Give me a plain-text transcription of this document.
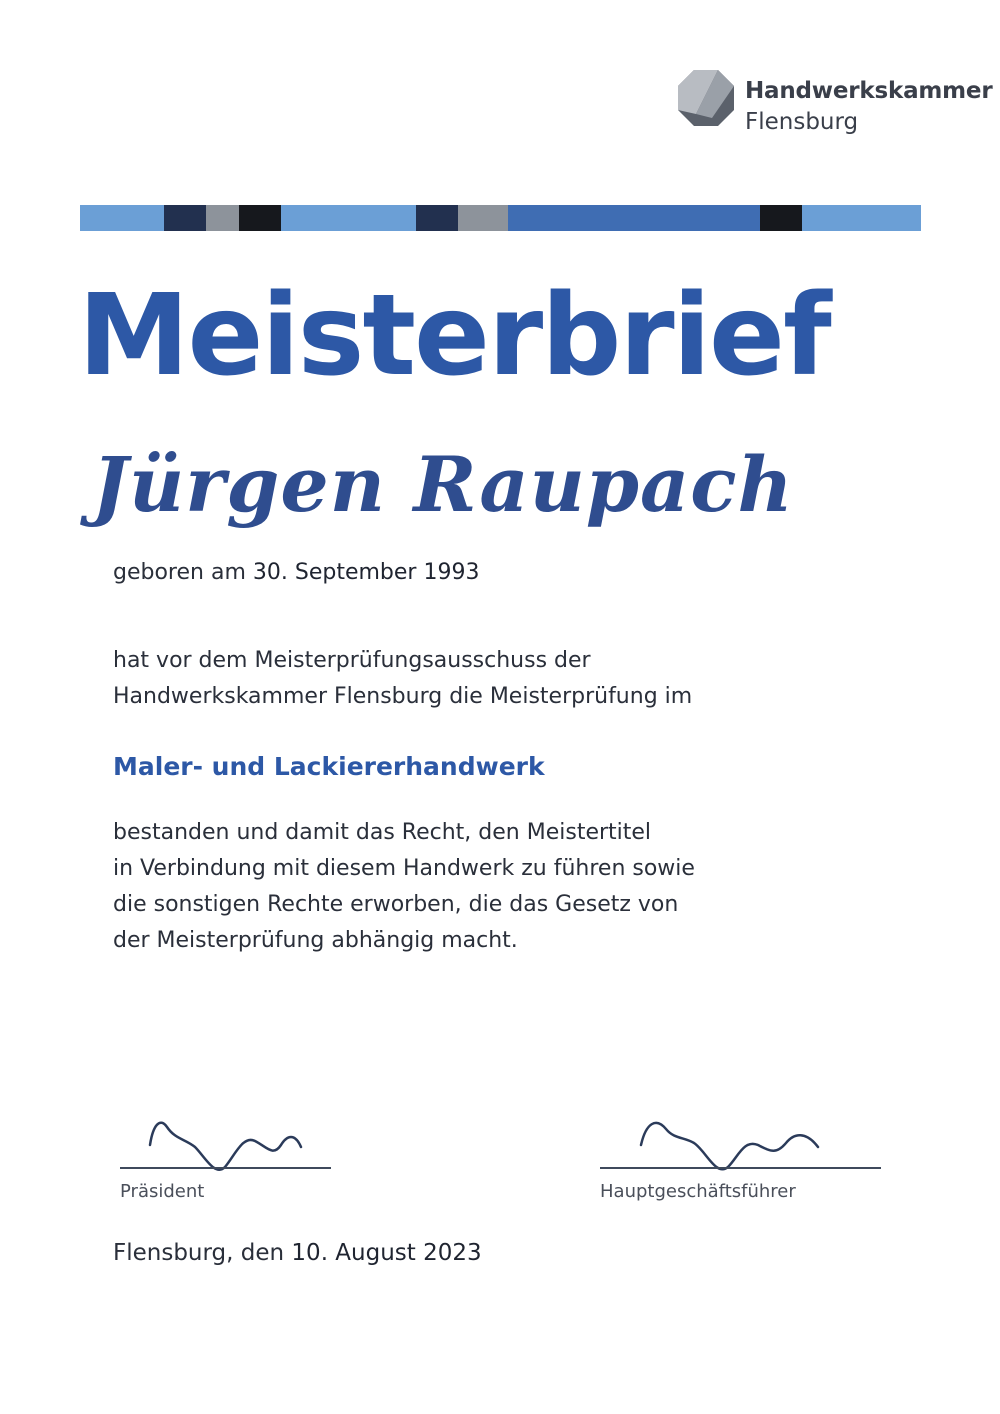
Handwerkskammer
Flensburg
Meisterbrief
Jürgen Raupach
geboren am 30. September 1993
hat vor dem Meisterprüfungsausschuss der
Handwerkskammer Flensburg die Meisterprüfung im
Maler- und Lackiererhandwerk
bestanden und damit das Recht, den Meistertitel
in Verbindung mit diesem Handwerk zu führen sowie
die sonstigen Rechte erworben, die das Gesetz von
der Meisterprüfung abhängig macht.
Präsident	Hauptgeschäftsführer
Flensburg, den 10. August 2023
